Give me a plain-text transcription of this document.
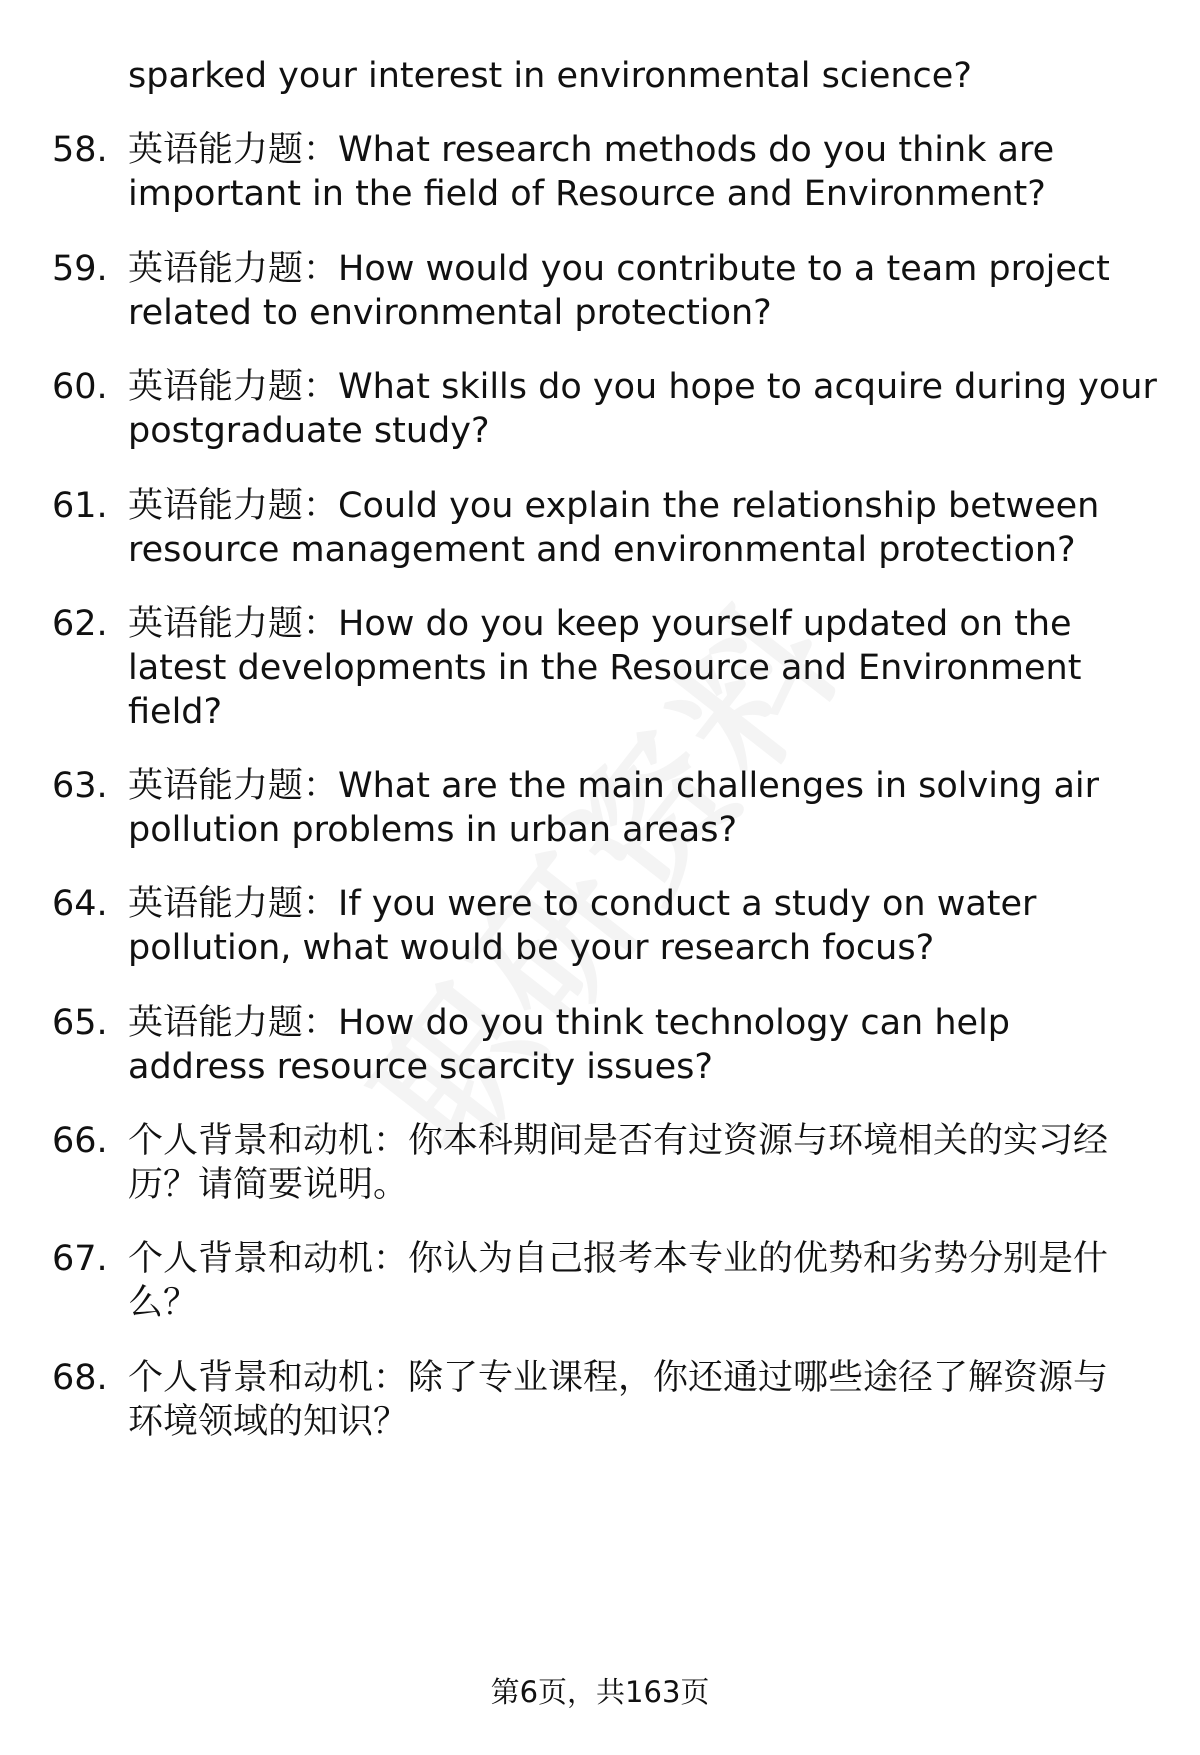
sparked your interest in environmental science?
58. 英语能力题：What research methods do you think are
important in the field of Resource and Environment?
59. 英语能力题：How would you contribute to a team project
related to environmental protection?
60. 英语能力题：What skills do you hope to acquire during your
postgraduate study?
61. 英语能力题：Could you explain the relationship between
resource management and environmental protection?
62. 英语能力题：How do you keep yourself updated on the
latest developments in the Resource and Environment
field?
63. 英语能力题：What are the main challenges in solving air
pollution problems in urban areas?
64. 英语能力题：If you were to conduct a study on water
pollution, what would be your research focus?
65. 英语能力题：How do you think technology can help
address resource scarcity issues?
66. 个人背景和动机：你本科期间是否有过资源与环境相关的实习经
历？请简要说明。
67. 个人背景和动机：你认为自己报考本专业的优势和劣势分别是什
么？
68. 个人背景和动机：除了专业课程，你还通过哪些途径了解资源与
环境领域的知识？
第6页，共163页
